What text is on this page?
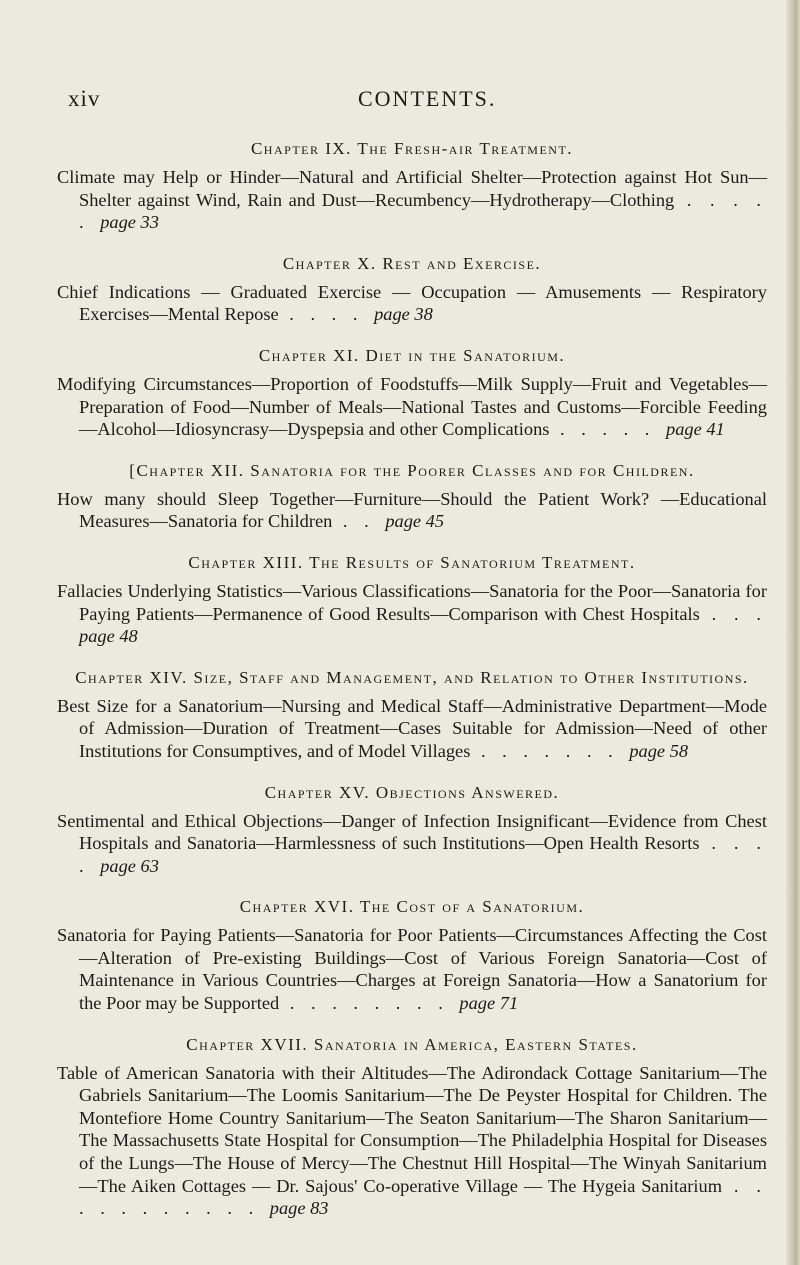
xiv	CONTENTS.
Chapter IX. The Fresh-air Treatment.

Climate may Help or Hinder—Natural and Artificial Shelter—Protection against Hot Sun—Shelter against Wind, Rain and Dust—Recumbency—Hydrotherapy—Clothing . . . . . page 33

Chapter X. Rest and Exercise.

Chief Indications — Graduated Exercise — Occupation — Amusements — Respiratory Exercises—Mental Repose . . . . page 38

Chapter XI. Diet in the Sanatorium.

Modifying Circumstances—Proportion of Foodstuffs—Milk Supply—Fruit and Vegetables—Preparation of Food—Number of Meals—National Tastes and Customs—Forcible Feeding—Alcohol—Idiosyncrasy—Dyspepsia and other Complications . . . . . page 41

[Chapter XII. Sanatoria for the Poorer Classes and for Children.

How many should Sleep Together—Furniture—Should the Patient Work? —Educational Measures—Sanatoria for Children . . page 45

Chapter XIII. The Results of Sanatorium Treatment.

Fallacies Underlying Statistics—Various Classifications—Sanatoria for the Poor—Sanatoria for Paying Patients—Permanence of Good Results—Comparison with Chest Hospitals . . . page 48

Chapter XIV. Size, Staff and Management, and Relation to Other Institutions.

Best Size for a Sanatorium—Nursing and Medical Staff—Administrative Department—Mode of Admission—Duration of Treatment—Cases Suitable for Admission—Need of other Institutions for Consumptives, and of Model Villages . . . . . . . page 58

Chapter XV. Objections Answered.

Sentimental and Ethical Objections—Danger of Infection Insignificant—Evidence from Chest Hospitals and Sanatoria—Harmlessness of such Institutions—Open Health Resorts . . . . page 63

Chapter XVI. The Cost of a Sanatorium.

Sanatoria for Paying Patients—Sanatoria for Poor Patients—Circumstances Affecting the Cost—Alteration of Pre-existing Buildings—Cost of Various Foreign Sanatoria—Cost of Maintenance in Various Countries—Charges at Foreign Sanatoria—How a Sanatorium for the Poor may be Supported . . . . . . . . page 71

Chapter XVII. Sanatoria in America, Eastern States.

Table of American Sanatoria with their Altitudes—The Adirondack Cottage Sanitarium—The Gabriels Sanitarium—The Loomis Sanitarium—The De Peyster Hospital for Children. The Montefiore Home Country Sanitarium—The Seaton Sanitarium—The Sharon Sanitarium—The Massachusetts State Hospital for Consumption—The Philadelphia Hospital for Diseases of the Lungs—The House of Mercy—The Chestnut Hill Hospital—The Winyah Sanitarium—The Aiken Cottages — Dr. Sajous' Co-operative Village — The Hygeia Sanitarium . . . . . . . . . . . page 83
